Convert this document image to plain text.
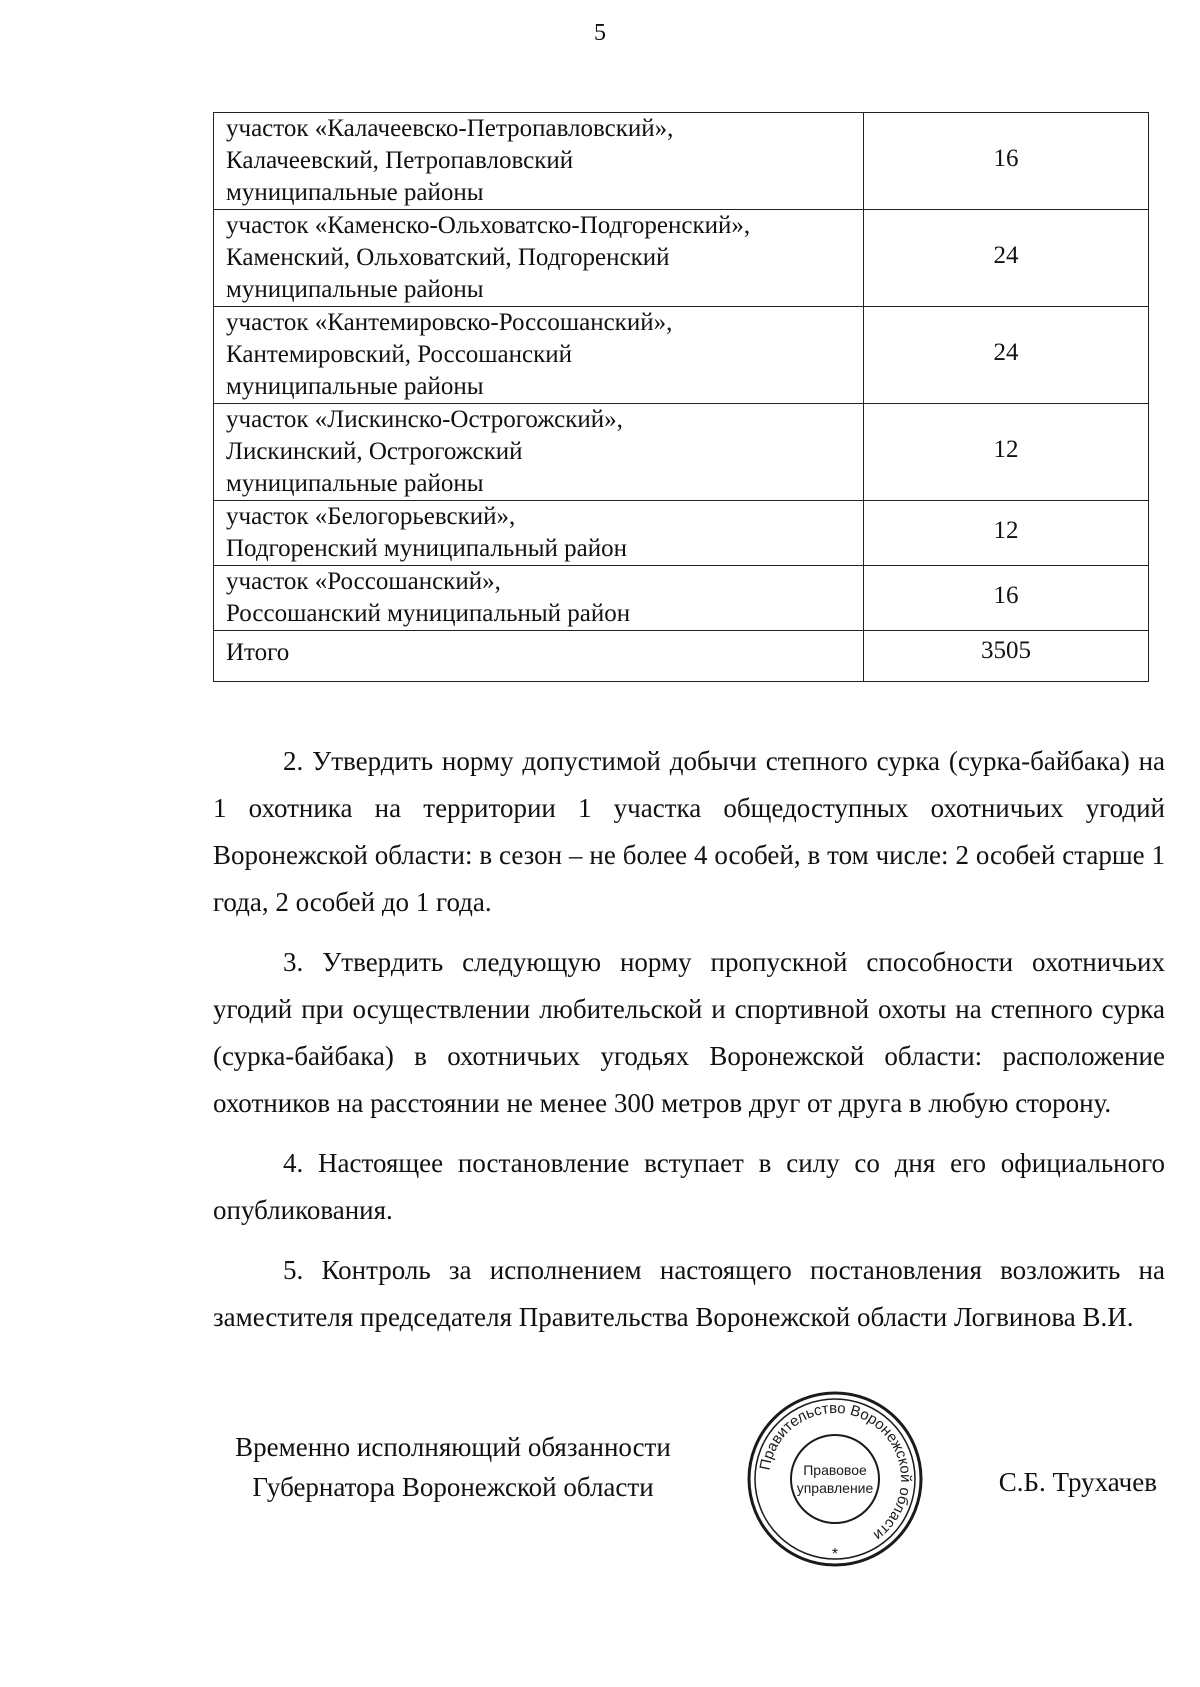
5
участок «Калачеевско-Петропавловский»,
Калачеевский, Петропавловский
муниципальные районы	16

участок «Каменско-Ольховатско-Подгоренский»,
Каменский, Ольховатский, Подгоренский
муниципальные районы	24

участок «Кантемировско-Россошанский»,
Кантемировский, Россошанский
муниципальные районы	24

участок «Лискинско-Острогожский»,
Лискинский, Острогожский
муниципальные районы	12

участок «Белогорьевский»,
Подгоренский муниципальный район	12

участок «Россошанский»,
Россошанский муниципальный район	16

Итого	3505

2. Утвердить норму допустимой добычи степного сурка (сурка-байбака) на 1 охотника на территории 1 участка общедоступных охотничьих угодий Воронежской области: в сезон – не более 4 особей, в том числе: 2 особей старше 1 года, 2 особей до 1 года.

3. Утвердить следующую норму пропускной способности охотничьих угодий при осуществлении любительской и спортивной охоты на степного сурка (сурка-байбака) в охотничьих угодьях Воронежской области: расположение охотников на расстоянии не менее 300 метров друг от друга в любую сторону.

4. Настоящее постановление вступает в силу со дня его официального опубликования.

5. Контроль за исполнением настоящего постановления возложить на заместителя председателя Правительства Воронежской области Логвинова В.И.

Временно исполняющий обязанности
Губернатора Воронежской области
Правительство Воронежской области
Правовое
управление
*
С.Б. Трухачев
